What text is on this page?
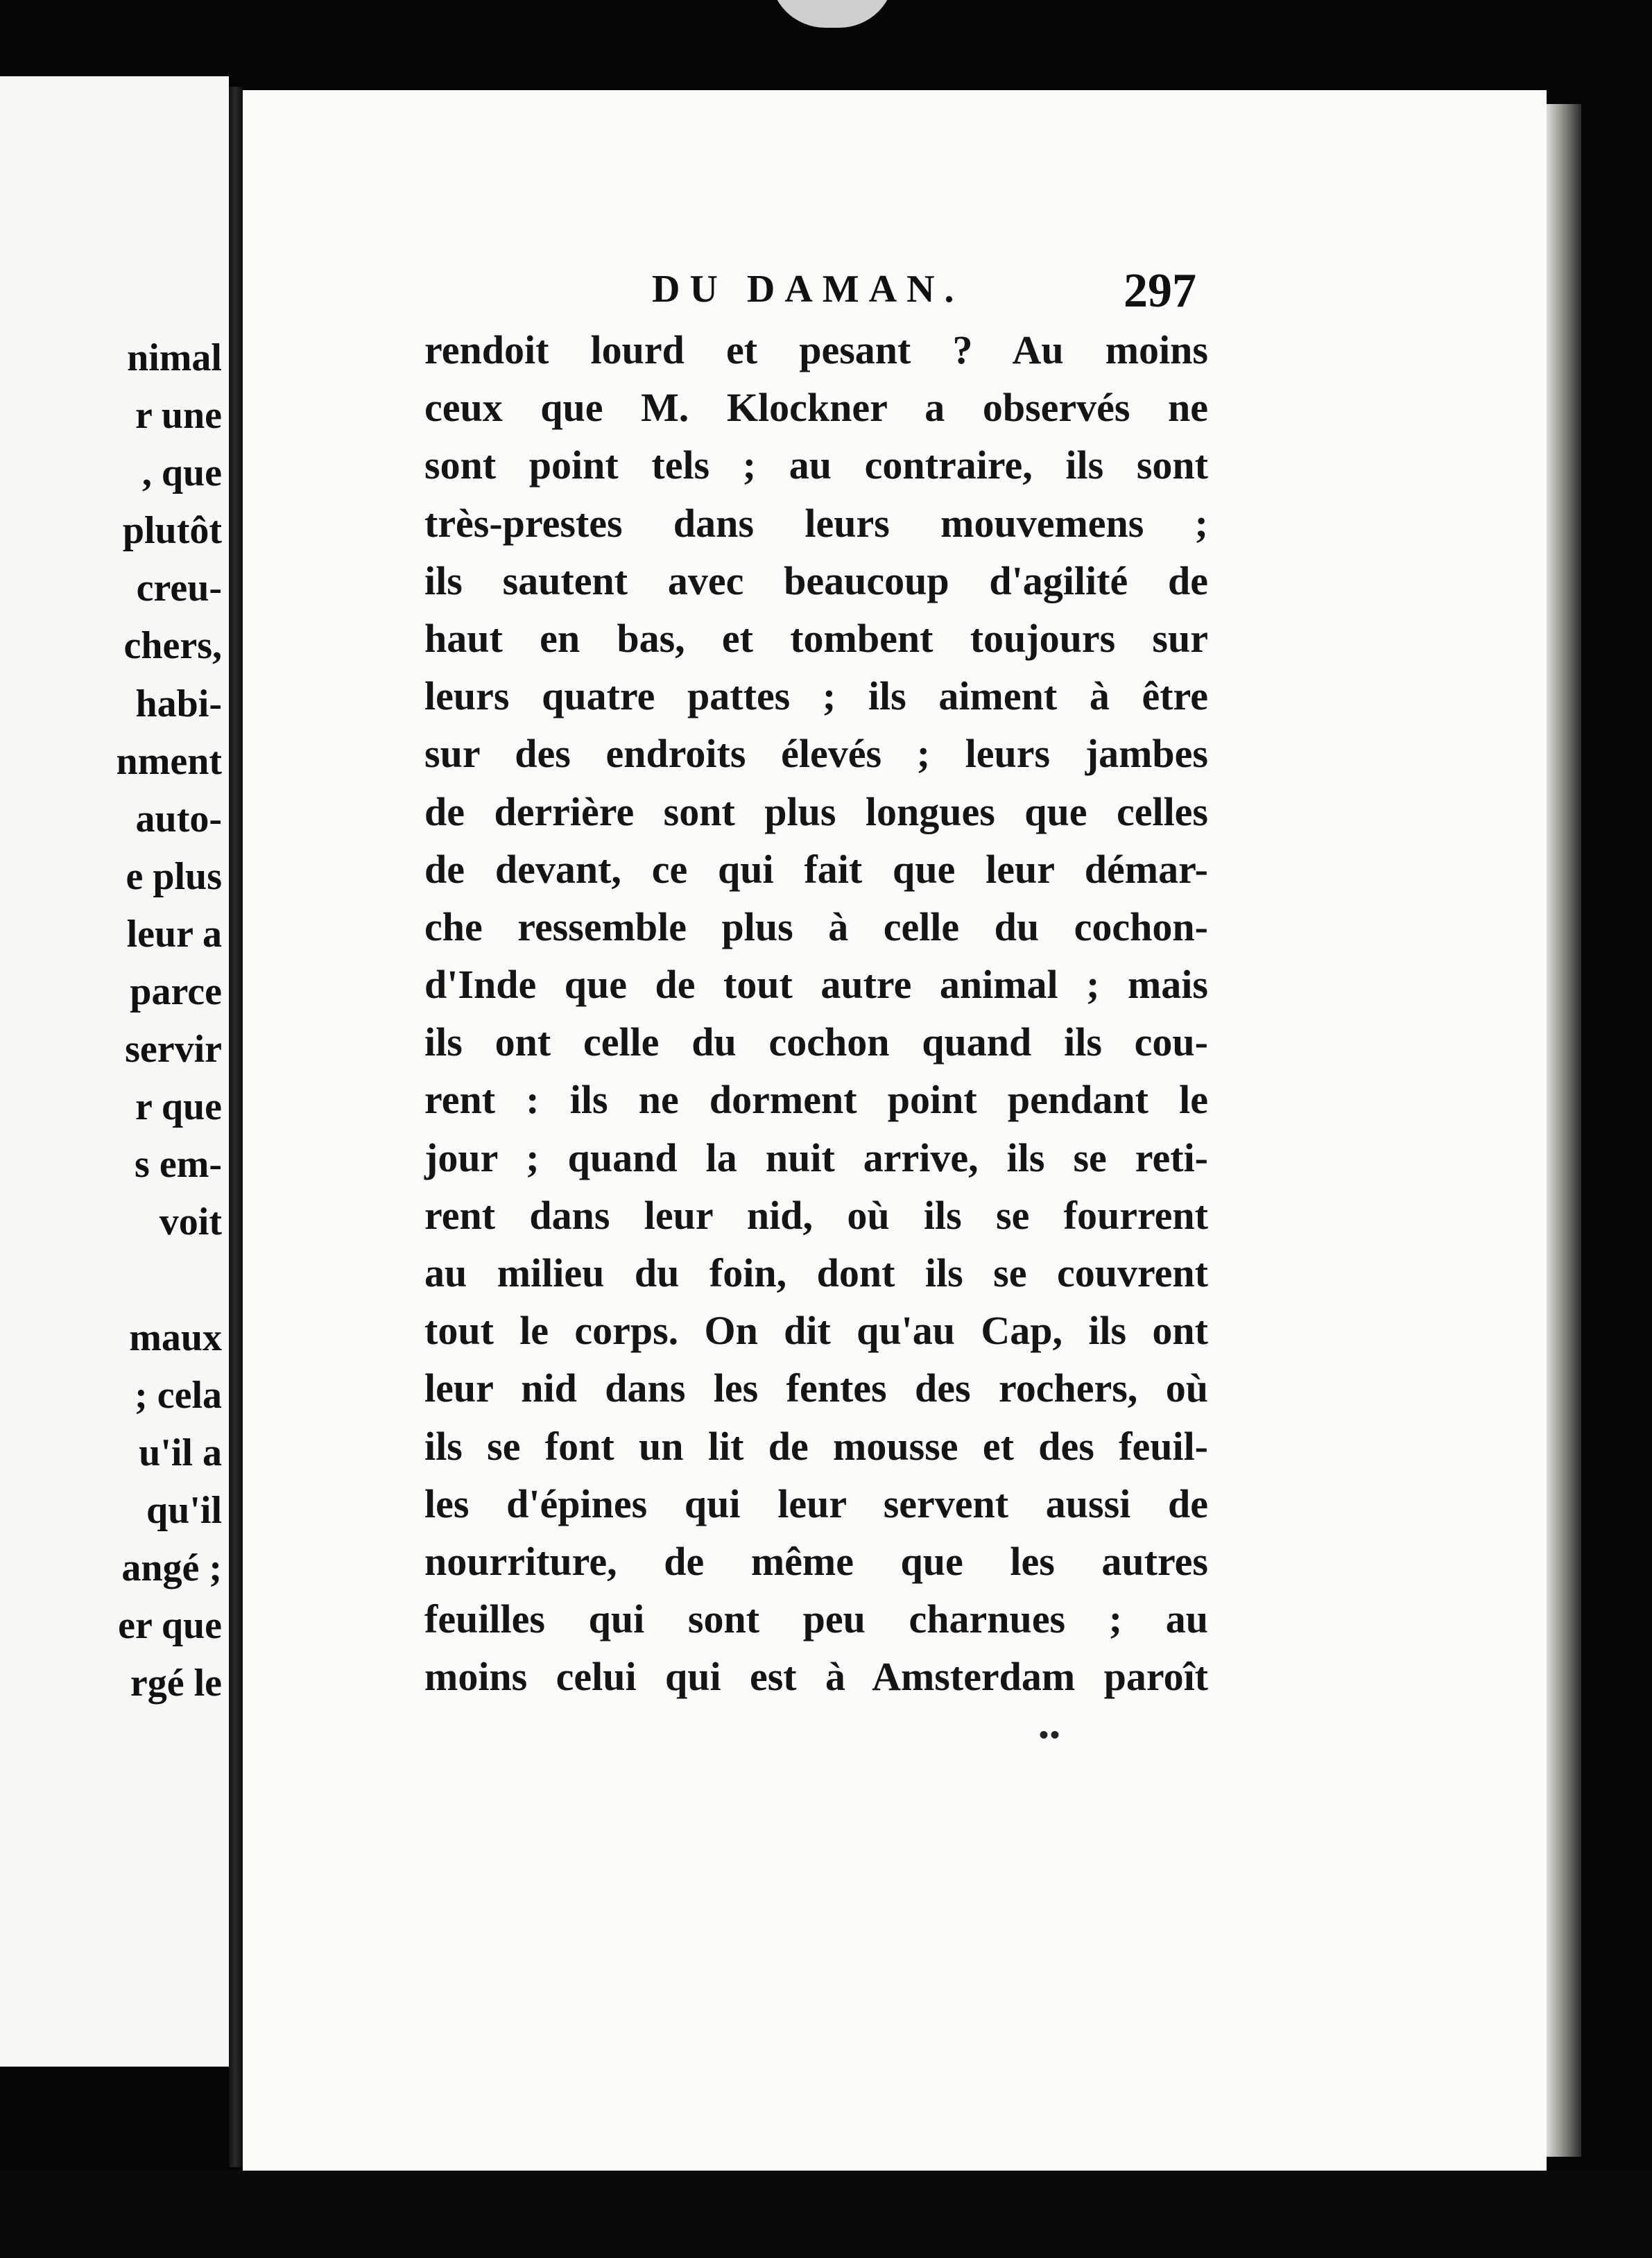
nimal
r une
, que
plutôt
creu-
chers,
habi-
nment
auto-
e plus
leur a
parce
servir
r que
s em-
voit
maux
; cela
u'il a
qu'il
angé ;
er que
rgé le
DU DAMAN.	297
rendoit lourd et pesant ? Au moins
ceux que M. Klockner a observés ne
sont point tels ; au contraire, ils sont
très-prestes dans leurs mouvemens ;
ils sautent avec beaucoup d'agilité de
haut en bas, et tombent toujours sur
leurs quatre pattes ; ils aiment à être
sur des endroits élevés ; leurs jambes
de derrière sont plus longues que celles
de devant, ce qui fait que leur démar-
che ressemble plus à celle du cochon-
d'Inde que de tout autre animal ; mais
ils ont celle du cochon quand ils cou-
rent : ils ne dorment point pendant le
jour ; quand la nuit arrive, ils se reti-
rent dans leur nid, où ils se fourrent
au milieu du foin, dont ils se couvrent
tout le corps. On dit qu'au Cap, ils ont
leur nid dans les fentes des rochers, où
ils se font un lit de mousse et des feuil-
les d'épines qui leur servent aussi de
nourriture, de même que les autres
feuilles qui sont peu charnues ; au
moins celui qui est à Amsterdam paroît
••
